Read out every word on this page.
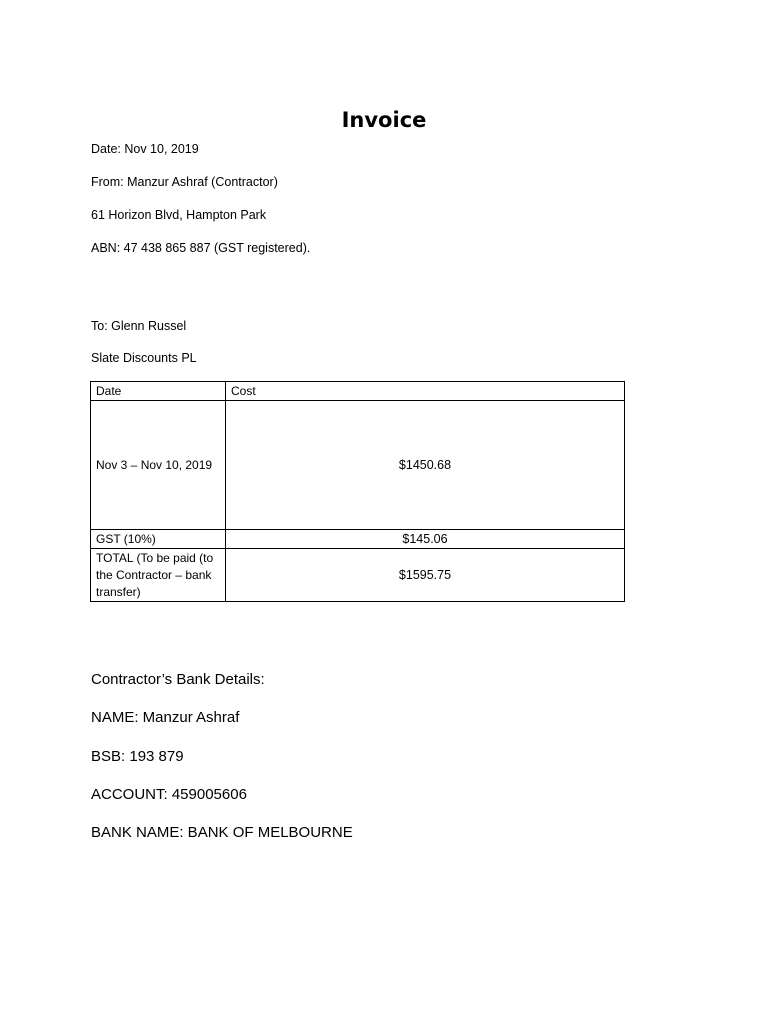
Invoice
Date: Nov 10, 2019
From: Manzur Ashraf (Contractor)
61 Horizon Blvd, Hampton Park
ABN: 47 438 865 887 (GST registered).
To: Glenn Russel
Slate Discounts PL
Date	Cost
Nov 3 – Nov 10, 2019	$1450.68
GST (10%)	$145.06
TOTAL (To be paid (to the Contractor – bank transfer)	$1595.75
Contractor’s Bank Details:
NAME: Manzur Ashraf
BSB: 193 879
ACCOUNT: 459005606
BANK NAME: BANK OF MELBOURNE
